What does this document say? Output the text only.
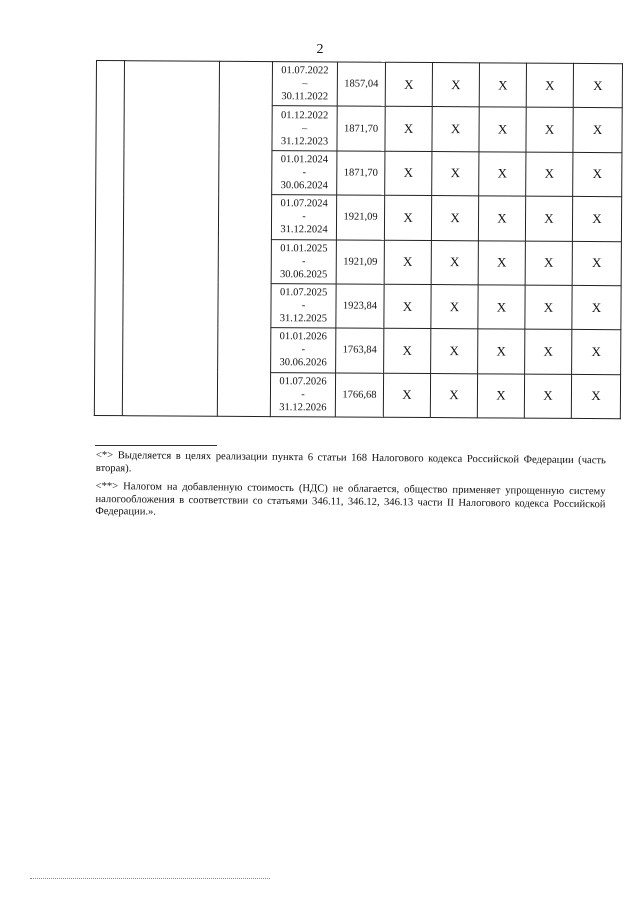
2

			01.07.2022
–
30.11.2022	1857,04	Х	Х	Х	Х	Х

			01.12.2022
–
31.12.2023	1871,70	Х	Х	Х	Х	Х

			01.01.2024
-
30.06.2024	1871,70	Х	Х	Х	Х	Х

			01.07.2024
-
31.12.2024	1921,09	Х	Х	Х	Х	Х

			01.01.2025
-
30.06.2025	1921,09	Х	Х	Х	Х	Х

			01.07.2025
-
31.12.2025	1923,84	Х	Х	Х	Х	Х

			01.01.2026
-
30.06.2026	1763,84	Х	Х	Х	Х	Х

			01.07.2026
-
31.12.2026	1766,68	Х	Х	Х	Х	Х

<*> Выделяется в целях реализации пункта 6 статьи 168 Налогового кодекса Российской Федерации (часть вторая).

<**> Налогом на добавленную стоимость (НДС) не облагается, общество применяет упрощенную систему налогообложения в соответствии со статьями 346.11, 346.12, 346.13 части II Налогового кодекса Российской Федерации.».
